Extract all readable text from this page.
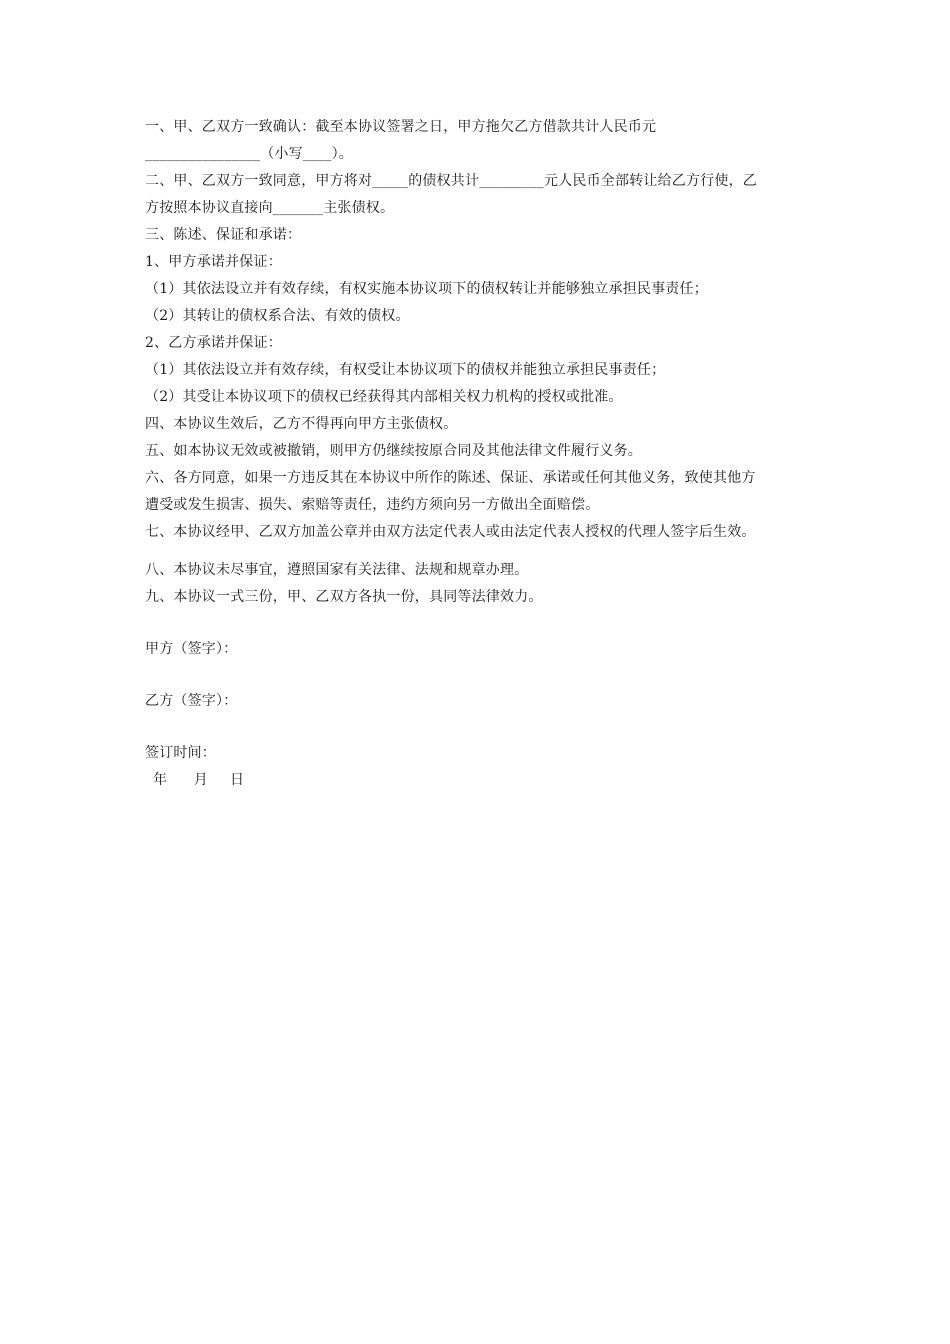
一、甲、乙双方一致确认：截至本协议签署之日，甲方拖欠乙方借款共计人民币元
________________（小写____）。
二、甲、乙双方一致同意，甲方将对_____的债权共计_________元人民币全部转让给乙方行使，乙
方按照本协议直接向_______主张债权。
三、陈述、保证和承诺：
1、甲方承诺并保证：
（1）其依法设立并有效存续，有权实施本协议项下的债权转让并能够独立承担民事责任；
（2）其转让的债权系合法、有效的债权。
2、乙方承诺并保证：
（1）其依法设立并有效存续，有权受让本协议项下的债权并能独立承担民事责任；
（2）其受让本协议项下的债权已经获得其内部相关权力机构的授权或批准。
四、本协议生效后，乙方不得再向甲方主张债权。
五、如本协议无效或被撤销，则甲方仍继续按原合同及其他法律文件履行义务。
六、各方同意，如果一方违反其在本协议中所作的陈述、保证、承诺或任何其他义务，致使其他方
遭受或发生损害、损失、索赔等责任，违约方须向另一方做出全面赔偿。
七、本协议经甲、乙双方加盖公章并由双方法定代表人或由法定代表人授权的代理人签字后生效。
八、本协议未尽事宜，遵照国家有关法律、法规和规章办理。
九、本协议一式三份，甲、乙双方各执一份，具同等法律效力。
甲方（签字）：
乙方（签字）：
签订时间：
年      月     日
